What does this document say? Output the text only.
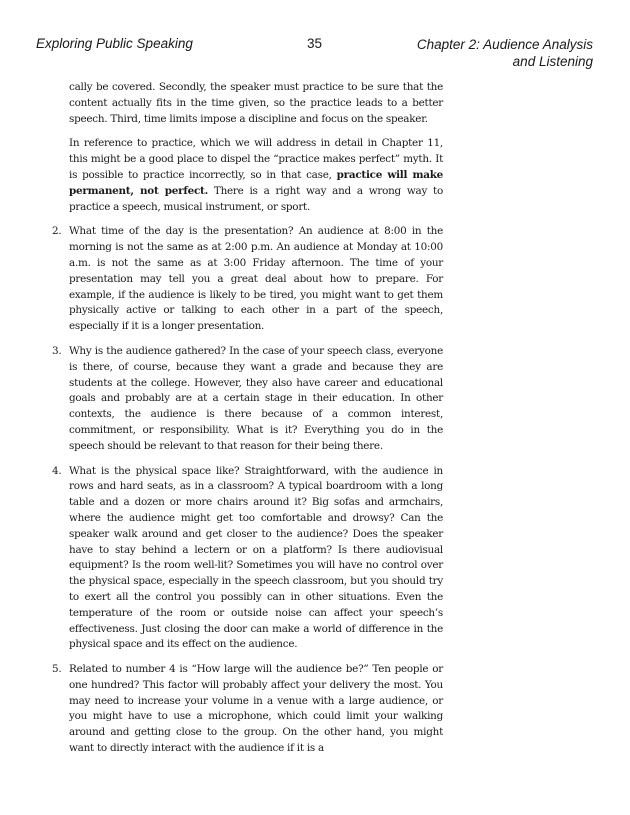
Exploring Public Speaking	35	Chapter 2: Audience Analysis and Listening

cally be covered. Secondly, the speaker must practice to be sure that the content actually fits in the time given, so the practice leads to a better speech. Third, time limits impose a discipline and focus on the speaker.

In reference to practice, which we will address in detail in Chapter 11, this might be a good place to dispel the “practice makes perfect” myth. It is possible to practice incorrectly, so in that case, practice will make permanent, not perfect. There is a right way and a wrong way to practice a speech, musical instrument, or sport.

2. What time of the day is the presentation? An audience at 8:00 in the morning is not the same as at 2:00 p.m. An audience at Monday at 10:00 a.m. is not the same as at 3:00 Friday afternoon. The time of your presentation may tell you a great deal about how to prepare. For example, if the audience is likely to be tired, you might want to get them physically active or talking to each other in a part of the speech, especially if it is a longer presentation.
3. Why is the audience gathered? In the case of your speech class, everyone is there, of course, because they want a grade and because they are students at the college. However, they also have career and educational goals and probably are at a certain stage in their education. In other contexts, the audience is there because of a common interest, commitment, or responsibility. What is it? Everything you do in the speech should be relevant to that reason for their being there.
4. What is the physical space like? Straightforward, with the audience in rows and hard seats, as in a classroom? A typical boardroom with a long table and a dozen or more chairs around it? Big sofas and armchairs, where the audience might get too comfortable and drowsy? Can the speaker walk around and get closer to the audience? Does the speaker have to stay behind a lectern or on a platform? Is there audiovisual equipment? Is the room well-lit? Sometimes you will have no control over the physical space, especially in the speech classroom, but you should try to exert all the control you possibly can in other situations. Even the temperature of the room or outside noise can affect your speech’s effectiveness. Just closing the door can make a world of difference in the physical space and its effect on the audience.
5. Related to number 4 is “How large will the audience be?” Ten people or one hundred? This factor will probably affect your delivery the most. You may need to increase your volume in a venue with a large audience, or you might have to use a microphone, which could limit your walking around and getting close to the group. On the other hand, you might want to directly interact with the audience if it is a
